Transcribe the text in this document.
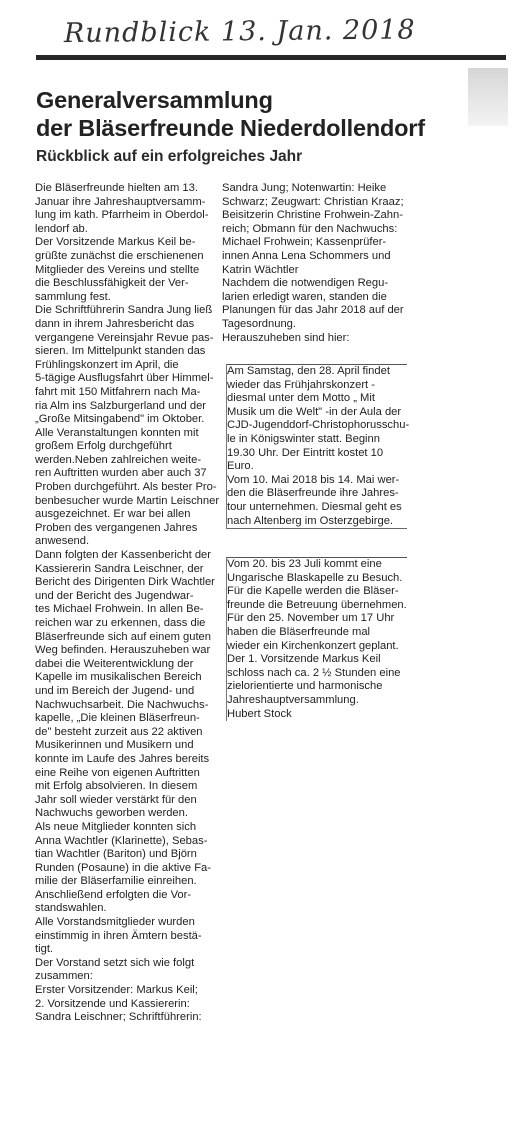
Rundblick 13. Jan. 2018
Generalversammlung
der Bläserfreunde Niederdollendorf
Rückblick auf ein erfolgreiches Jahr
Die Bläserfreunde hielten am 13.
Januar ihre Jahreshauptversamm-
lung im kath. Pfarrheim in Oberdol-
lendorf ab.
Der Vorsitzende Markus Keil be-
grüßte zunächst die erschienenen
Mitglieder des Vereins und stellte
die Beschlussfähigkeit der Ver-
sammlung fest.
Die Schriftführerin Sandra Jung ließ
dann in ihrem Jahresbericht das
vergangene Vereinsjahr Revue pas-
sieren. Im Mittelpunkt standen das
Frühlingskonzert im April, die
5-tägige Ausflugsfahrt über Himmel-
fahrt mit 150 Mitfahrern nach Ma-
ria Alm ins Salzburgerland und der
„Große Mitsingabend" im Oktober.
Alle Veranstaltungen konnten mit
großem Erfolg durchgeführt
werden.Neben zahlreichen weite-
ren Auftritten wurden aber auch 37
Proben durchgeführt. Als bester Pro-
benbesucher wurde Martin Leischner
ausgezeichnet. Er war bei allen
Proben des vergangenen Jahres
anwesend.
Dann folgten der Kassenbericht der
Kassiererin Sandra Leischner, der
Bericht des Dirigenten Dirk Wachtler
und der Bericht des Jugendwar-
tes Michael Frohwein. In allen Be-
reichen war zu erkennen, dass die
Bläserfreunde sich auf einem guten
Weg befinden. Herauszuheben war
dabei die Weiterentwicklung der
Kapelle im musikalischen Bereich
und im Bereich der Jugend- und
Nachwuchsarbeit. Die Nachwuchs-
kapelle, „Die kleinen Bläserfreun-
de" besteht zurzeit aus 22 aktiven
Musikerinnen und Musikern und
konnte im Laufe des Jahres bereits
eine Reihe von eigenen Auftritten
mit Erfolg absolvieren. In diesem
Jahr soll wieder verstärkt für den
Nachwuchs geworben werden.
Als neue Mitglieder konnten sich
Anna Wachtler (Klarinette), Sebas-
tian Wachtler (Bariton) und Björn
Runden (Posaune) in die aktive Fa-
milie der Bläserfamilie einreihen.
Anschließend erfolgten die Vor-
standswahlen.
Alle Vorstandsmitglieder wurden
einstimmig in ihren Ämtern bestä-
tigt.
Der Vorstand setzt sich wie folgt
zusammen:
Erster Vorsitzender: Markus Keil;
2. Vorsitzende und Kassiererin:
Sandra Leischner; Schriftführerin:
Sandra Jung; Notenwartin: Heike
Schwarz; Zeugwart: Christian Kraaz;
Beisitzerin Christine Frohwein-Zahn-
reich; Obmann für den Nachwuchs:
Michael Frohwein; Kassenprüfer-
innen Anna Lena Schommers und
Katrin Wächtler
Nachdem die notwendigen Regu-
larien erledigt waren, standen die
Planungen für das Jahr 2018 auf der
Tagesordnung.
Herauszuheben sind hier:
Am Samstag, den 28. April findet
wieder das Frühjahrskonzert -
diesmal unter dem Motto „ Mit
Musik um die Welt" -in der Aula der
CJD-Jugenddorf-Christophorusschu-
le in Königswinter statt. Beginn
19.30 Uhr. Der Eintritt kostet 10
Euro.
Vom 10. Mai 2018 bis 14. Mai wer-
den die Bläserfreunde ihre Jahres-
tour unternehmen. Diesmal geht es
nach Altenberg im Osterzgebirge.
Vom 20. bis 23 Juli kommt eine
Ungarische Blaskapelle zu Besuch.
Für die Kapelle werden die Bläser-
freunde die Betreuung übernehmen.
Für den 25. November um 17 Uhr
haben die Bläserfreunde mal
wieder ein Kirchenkonzert geplant.
Der 1. Vorsitzende Markus Keil
schloss nach ca. 2 ½ Stunden eine
zielorientierte und harmonische
Jahreshauptversammlung.
Hubert Stock
